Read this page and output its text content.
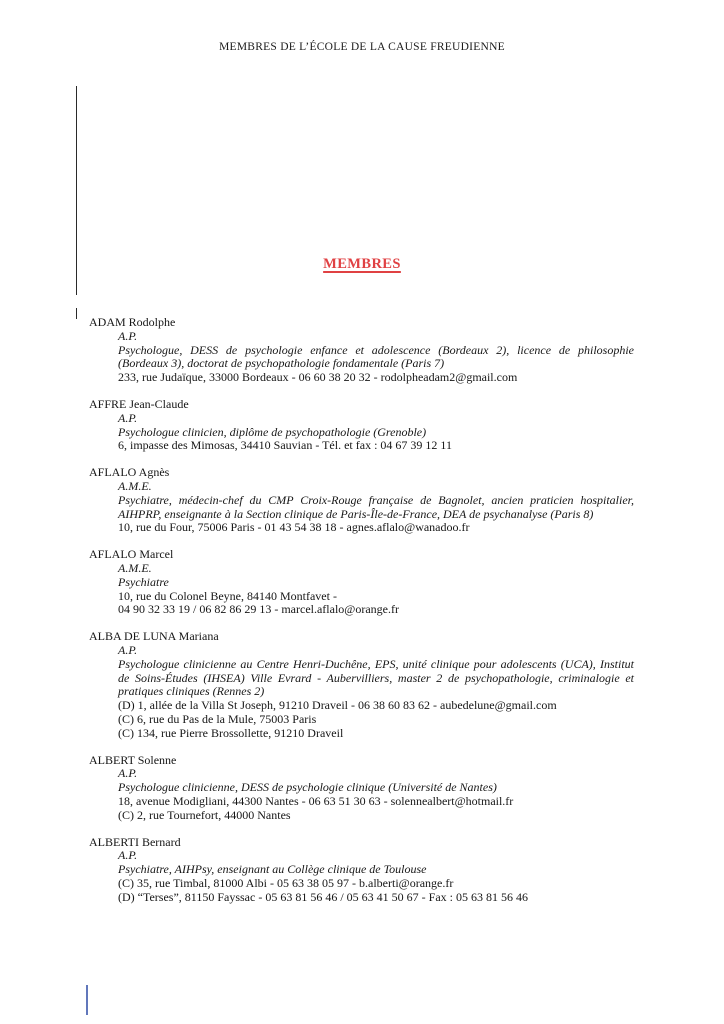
MEMBRES DE L’ÉCOLE DE LA CAUSE FREUDIENNE
MEMBRES
ADAM Rodolphe
A.P.
Psychologue, DESS de psychologie enfance et adolescence (Bordeaux 2), licence de philosophie (Bordeaux 3), doctorat de psychopathologie fondamentale (Paris 7)
233, rue Judaïque, 33000 Bordeaux - 06 60 38 20 32 - rodolpheadam2@gmail.com
AFFRE Jean-Claude
A.P.
Psychologue clinicien, diplôme de psychopathologie (Grenoble)
6, impasse des Mimosas, 34410 Sauvian - Tél. et fax : 04 67 39 12 11
AFLALO Agnès
A.M.E.
Psychiatre, médecin-chef du CMP Croix-Rouge française de Bagnolet, ancien praticien hospitalier, AIHPRP, enseignante à la Section clinique de Paris-Île-de-France, DEA de psychanalyse (Paris 8)
10, rue du Four, 75006 Paris - 01 43 54 38 18 - agnes.aflalo@wanadoo.fr
AFLALO Marcel
A.M.E.
Psychiatre
10, rue du Colonel Beyne, 84140 Montfavet -
04 90 32 33 19 / 06 82 86 29 13 - marcel.aflalo@orange.fr
ALBA DE LUNA Mariana
A.P.
Psychologue clinicienne au Centre Henri-Duchêne, EPS, unité clinique pour adolescents (UCA), Institut de Soins-Études (IHSEA) Ville Evrard - Aubervilliers, master 2 de psychopathologie, criminalogie et pratiques cliniques (Rennes 2)
(D) 1, allée de la Villa St Joseph, 91210 Draveil - 06 38 60 83 62 - aubedelune@gmail.com
(C) 6, rue du Pas de la Mule, 75003 Paris
(C) 134, rue Pierre Brossollette, 91210 Draveil
ALBERT Solenne
A.P.
Psychologue clinicienne, DESS de psychologie clinique (Université de Nantes)
18, avenue Modigliani, 44300 Nantes - 06 63 51 30 63 - solennealbert@hotmail.fr
(C) 2, rue Tournefort, 44000 Nantes
ALBERTI Bernard
A.P.
Psychiatre, AIHPsy, enseignant au Collège clinique de Toulouse
(C) 35, rue Timbal, 81000 Albi - 05 63 38 05 97 - b.alberti@orange.fr
(D) “Terses”, 81150 Fayssac - 05 63 81 56 46 / 05 63 41 50 67 - Fax : 05 63 81 56 46
